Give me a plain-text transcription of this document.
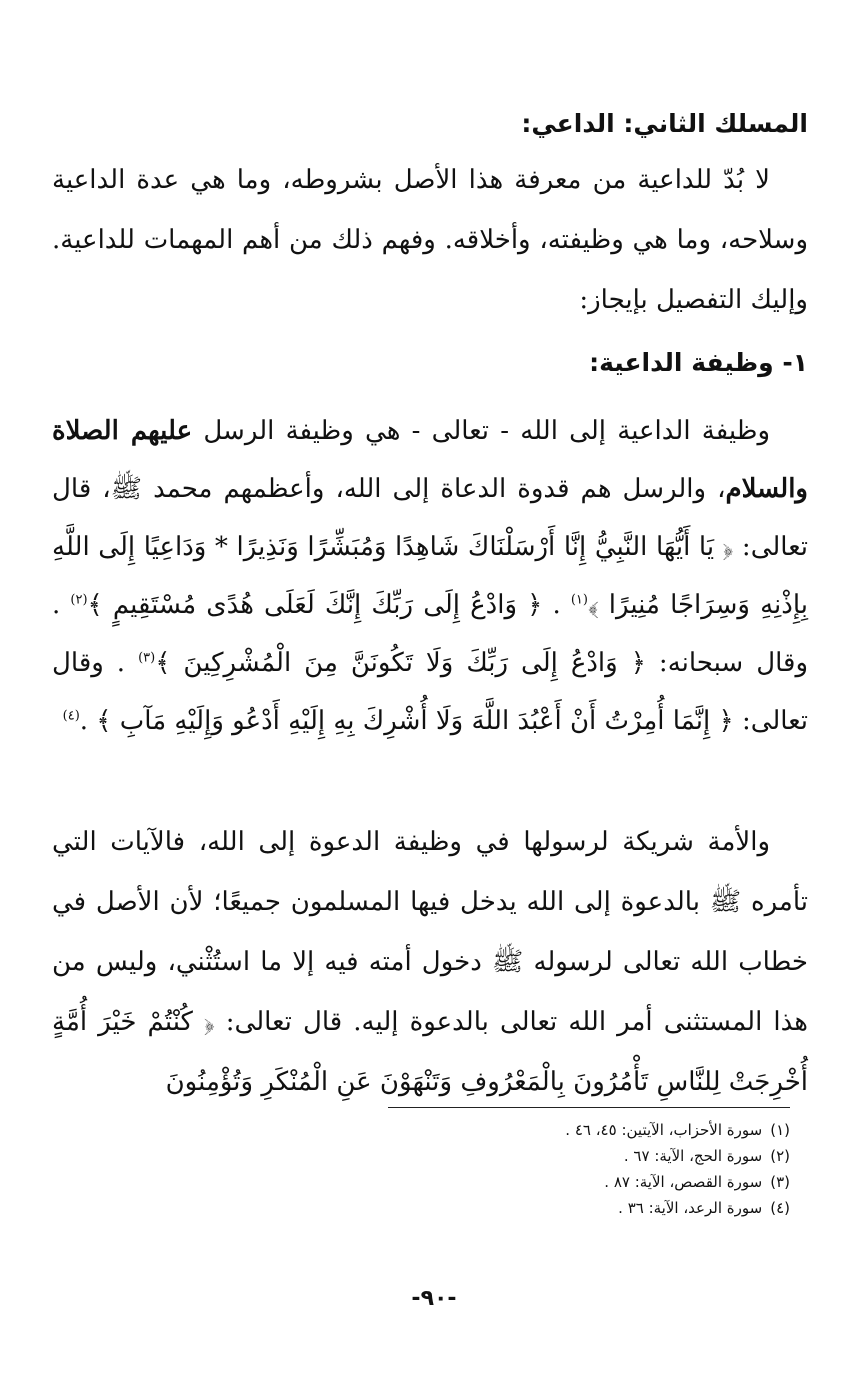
المسلك الثاني: الداعي:

لا بُدّ للداعية من معرفة هذا الأصل بشروطه، وما هي عدة الداعية وسلاحه، وما هي وظيفته، وأخلاقه. وفهم ذلك من أهم المهمات للداعية. وإليك التفصيل بإيجاز:

١- وظيفة الداعية:

وظيفة الداعية إلى الله - تعالى - هي وظيفة الرسل عليهم الصلاة والسلام، والرسل هم قدوة الدعاة إلى الله، وأعظمهم محمد ﷺ، قال تعالى: ﴿ يَا أَيُّهَا النَّبِيُّ إِنَّا أَرْسَلْنَاكَ شَاهِدًا وَمُبَشِّرًا وَنَذِيرًا * وَدَاعِيًا إِلَى اللَّهِ بِإِذْنِهِ وَسِرَاجًا مُنِيرًا ﴾$^{(١)}$ . ﴿ وَادْعُ إِلَى رَبِّكَ إِنَّكَ لَعَلَى هُدًى مُسْتَقِيمٍ ﴾$^{(٢)}$ . وقال سبحانه: ﴿ وَادْعُ إِلَى رَبِّكَ وَلَا تَكُونَنَّ مِنَ الْمُشْرِكِينَ ﴾$^{(٣)}$ . وقال تعالى: ﴿ إِنَّمَا أُمِرْتُ أَنْ أَعْبُدَ اللَّهَ وَلَا أُشْرِكَ بِهِ إِلَيْهِ أَدْعُو وَإِلَيْهِ مَآبِ ﴾ .$^{(٤)}$

والأمة شريكة لرسولها في وظيفة الدعوة إلى الله، فالآيات التي تأمره ﷺ بالدعوة إلى الله يدخل فيها المسلمون جميعًا؛ لأن الأصل في خطاب الله تعالى لرسوله ﷺ دخول أمته فيه إلا ما استُثْني، وليس من هذا المستثنى أمر الله تعالى بالدعوة إليه. قال تعالى: ﴿ كُنْتُمْ خَيْرَ أُمَّةٍ أُخْرِجَتْ لِلنَّاسِ تَأْمُرُونَ بِالْمَعْرُوفِ وَتَنْهَوْنَ عَنِ الْمُنْكَرِ وَتُؤْمِنُونَ

(١)سورة الأحزاب، الآيتين: ٤٥، ٤٦ .
(٢)سورة الحج، الآية: ٦٧ .
(٣)سورة القصص، الآية: ٨٧ .
(٤)سورة الرعد، الآية: ٣٦ .
-٩٠-
